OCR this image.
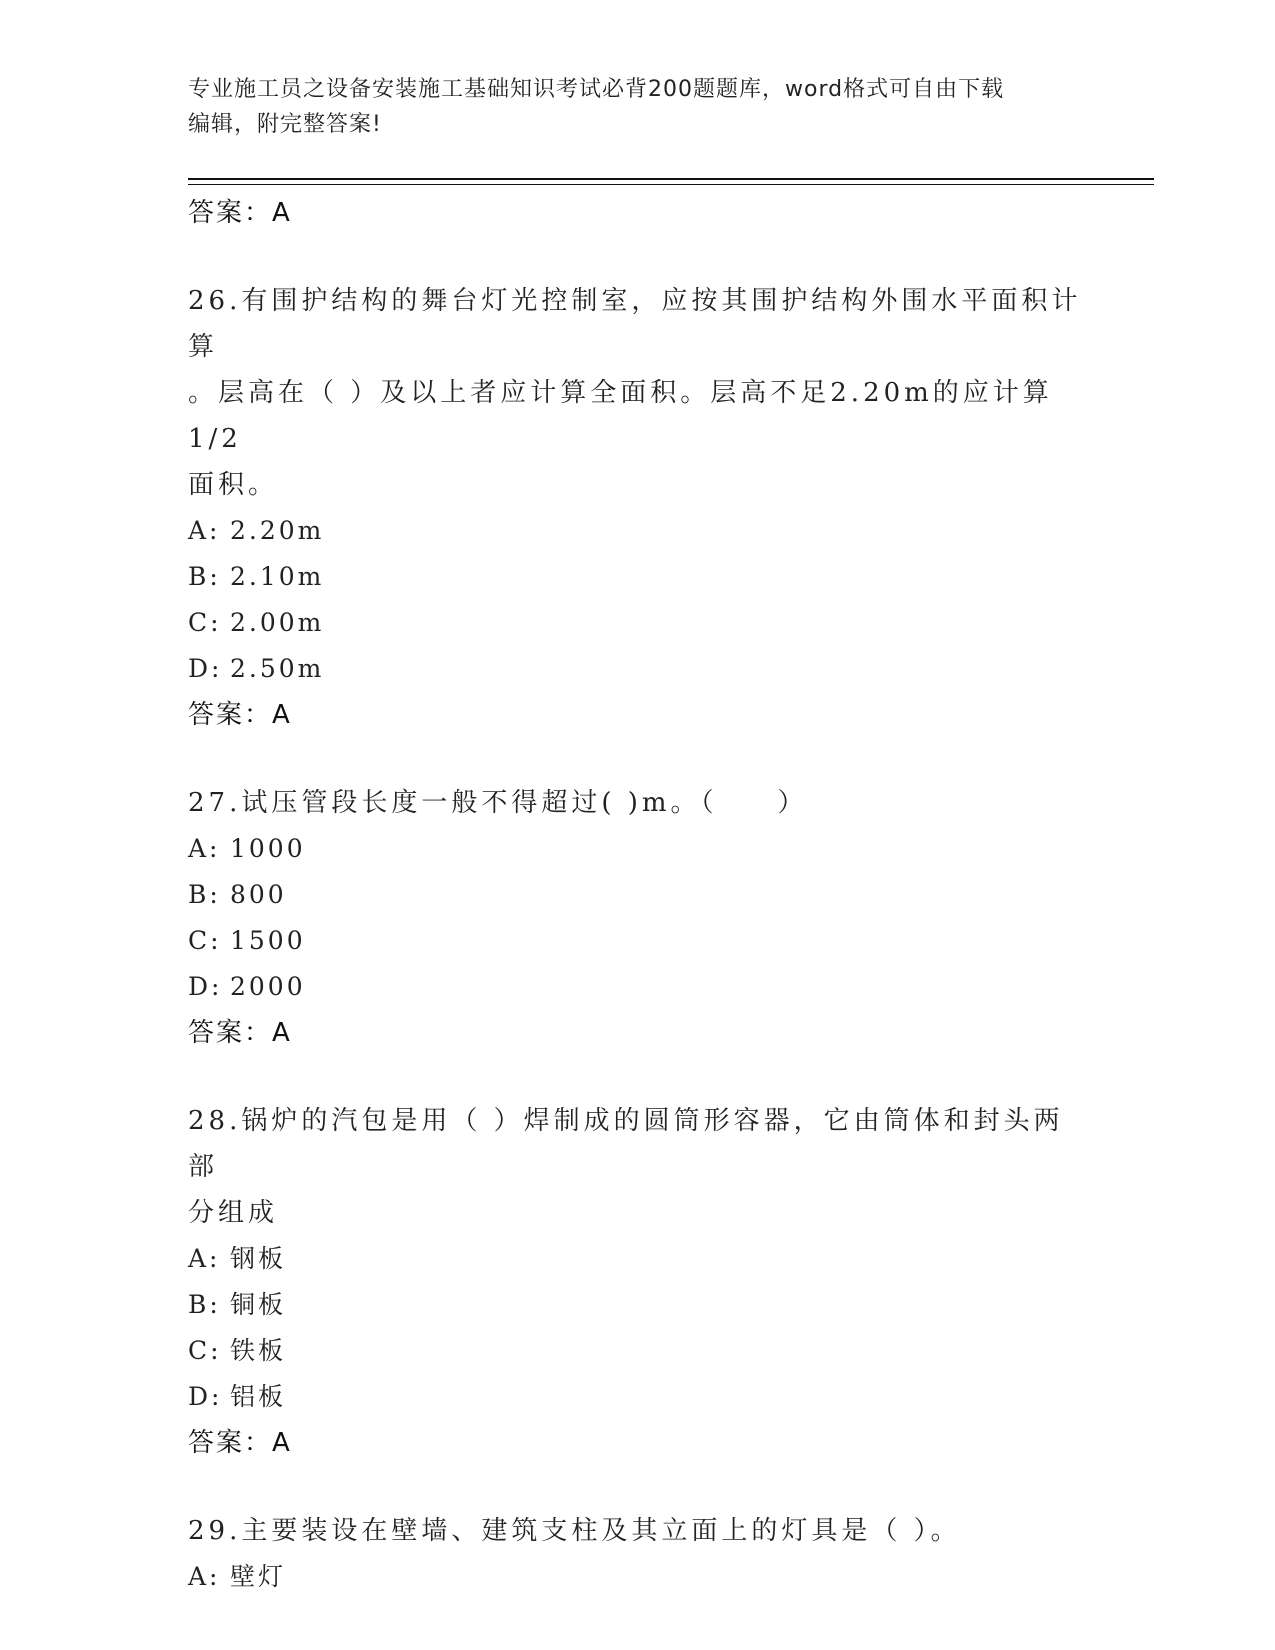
专业施工员之设备安装施工基础知识考试必背200题题库，word格式可自由下载
编辑，附完整答案!

答案：A

26.有围护结构的舞台灯光控制室，应按其围护结构外围水平面积计算

。层高在（ ）及以上者应计算全面积。层高不足2.20m的应计算1/2

面积。

A: 2.20m

B: 2.10m

C: 2.00m

D: 2.50m

答案：A

27.试压管段长度一般不得超过( )m。（　　）

A: 1000

B: 800

C: 1500

D: 2000

答案：A

28.锅炉的汽包是用（ ）焊制成的圆筒形容器，它由筒体和封头两部

分组成

A: 钢板

B: 铜板

C: 铁板

D: 铝板

答案：A

29.主要装设在壁墙、建筑支柱及其立面上的灯具是（ ）。

A: 壁灯
